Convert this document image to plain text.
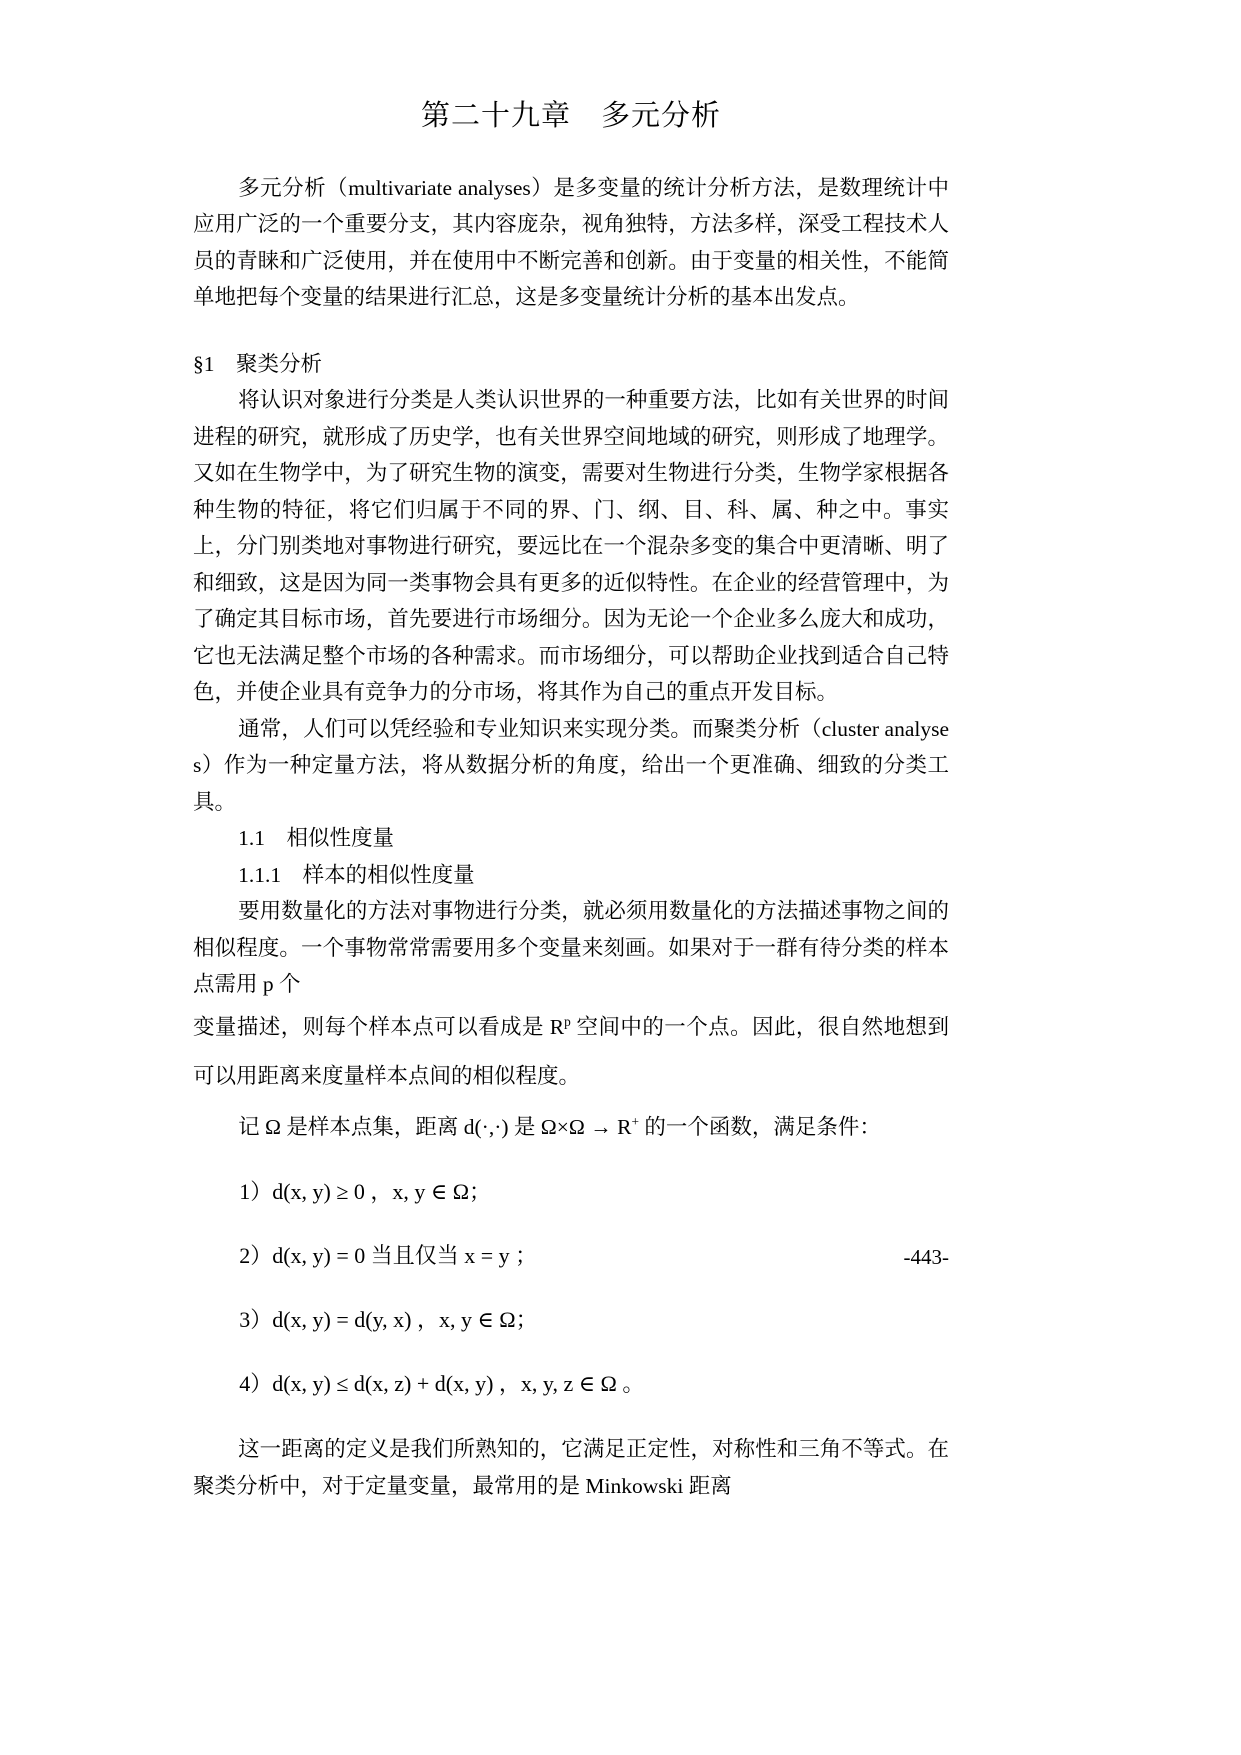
第二十九章　多元分析

多元分析（multivariate analyses）是多变量的统计分析方法，是数理统计中应用广泛的一个重要分支，其内容庞杂，视角独特，方法多样，深受工程技术人员的青睐和广泛使用，并在使用中不断完善和创新。由于变量的相关性，不能简单地把每个变量的结果进行汇总，这是多变量统计分析的基本出发点。

§1　聚类分析

将认识对象进行分类是人类认识世界的一种重要方法，比如有关世界的时间进程的研究，就形成了历史学，也有关世界空间地域的研究，则形成了地理学。又如在生物学中，为了研究生物的演变，需要对生物进行分类，生物学家根据各种生物的特征，将它们归属于不同的界、门、纲、目、科、属、种之中。事实上，分门别类地对事物进行研究，要远比在一个混杂多变的集合中更清晰、明了和细致，这是因为同一类事物会具有更多的近似特性。在企业的经营管理中，为了确定其目标市场，首先要进行市场细分。因为无论一个企业多么庞大和成功，它也无法满足整个市场的各种需求。而市场细分，可以帮助企业找到适合自己特色，并使企业具有竞争力的分市场，将其作为自己的重点开发目标。

通常，人们可以凭经验和专业知识来实现分类。而聚类分析（cluster analyses）作为一种定量方法，将从数据分析的角度，给出一个更准确、细致的分类工具。

1.1　相似性度量
1.1.1　样本的相似性度量

要用数量化的方法对事物进行分类，就必须用数量化的方法描述事物之间的相似程度。一个事物常常需要用多个变量来刻画。如果对于一群有待分类的样本点需用 p 个

变量描述，则每个样本点可以看成是 $R^p$ 空间中的一个点。因此，很自然地想到可以用距离来度量样本点间的相似程度。

记 Ω 是样本点集，距离 d(·,·) 是 Ω×Ω → R+ 的一个函数，满足条件：

1）d(x, y) ≥ 0 ，x, y ∈ Ω；
2）d(x, y) = 0 当且仅当 x = y ；
3）d(x, y) = d(y, x) ，x, y ∈ Ω；
4）d(x, y) ≤ d(x, z) + d(x, y) ，x, y, z ∈ Ω 。

这一距离的定义是我们所熟知的，它满足正定性，对称性和三角不等式。在聚类分析中，对于定量变量，最常用的是 Minkowski 距离

-443-
